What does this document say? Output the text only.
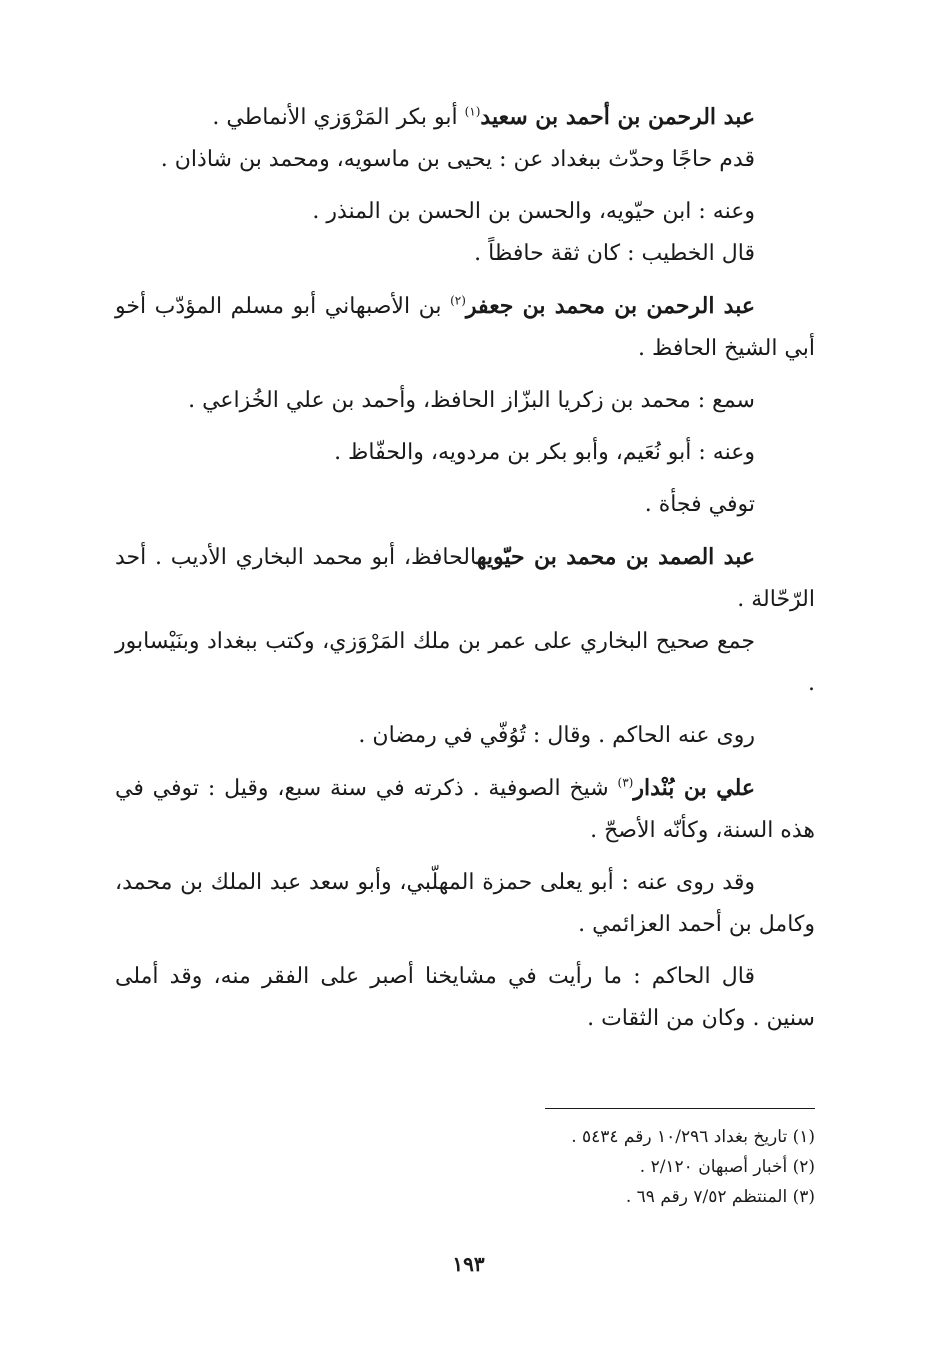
عبد الرحمن بن أحمد بن سعيد$^{(١)}$ أبو بكر المَرْوَزي الأنماطي .

قدم حاجًا وحدّث ببغداد عن : يحيى بن ماسويه، ومحمد بن شاذان .

وعنه : ابن حيّويه، والحسن بن الحسن بن المنذر .

قال الخطيب : كان ثقة حافظاً .

عبد الرحمن بن محمد بن جعفر$^{(٢)}$ بن الأصبهاني أبو مسلم المؤدّب أخو أبي الشيخ الحافظ .

سمع : محمد بن زكريا البزّاز الحافظ، وأحمد بن علي الخُزاعي .

وعنه : أبو نُعَيم، وأبو بكر بن مردويه، والحفّاظ .

توفي فجأة .

عبد الصمد بن محمد بن حيّويهالحافظ، أبو محمد البخاري الأديب . أحد الرّحّالة .

جمع صحيح البخاري على عمر بن ملك المَرْوَزي، وكتب ببغداد وبنَيْسابور .

روى عنه الحاكم . وقال : تُوُفّي في رمضان .

علي بن بُنْدار$^{(٣)}$ شيخ الصوفية . ذكرته في سنة سبع، وقيل : توفي في هذه السنة، وكأنّه الأصحّ .

وقد روى عنه : أبو يعلى حمزة المهلّبي، وأبو سعد عبد الملك بن محمد، وكامل بن أحمد العزائمي .

قال الحاكم : ما رأيت في مشايخنا أصبر على الفقر منه، وقد أملى سنين . وكان من الثقات .

(١) تاريخ بغداد ١٠/٢٩٦ رقم ٥٤٣٤ .
(٢) أخبار أصبهان ٢/١٢٠ .
(٣) المنتظم ٧/٥٢ رقم ٦٩ .
١٩٣
